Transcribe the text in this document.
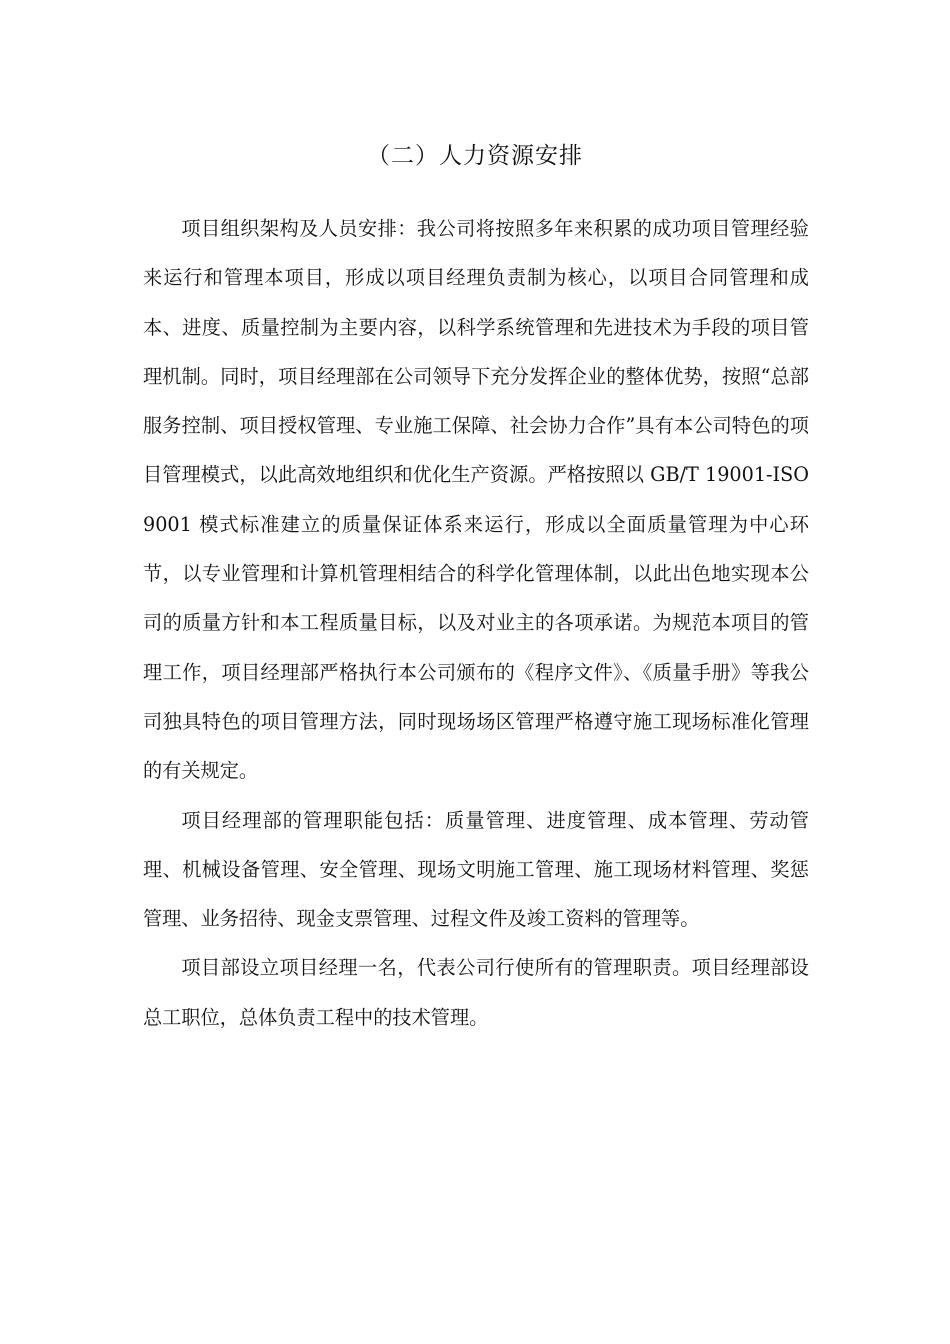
（二）人力资源安排

项目组织架构及人员安排：我公司将按照多年来积累的成功项目管理经验来运行和管理本项目，形成以项目经理负责制为核心，以项目合同管理和成本、进度、质量控制为主要内容，以科学系统管理和先进技术为手段的项目管理机制。同时，项目经理部在公司领导下充分发挥企业的整体优势，按照“总部服务控制、项目授权管理、专业施工保障、社会协力合作”具有本公司特色的项目管理模式，以此高效地组织和优化生产资源。严格按照以 GB/T 19001-ISO9001 模式标准建立的质量保证体系来运行，形成以全面质量管理为中心环节，以专业管理和计算机管理相结合的科学化管理体制，以此出色地实现本公司的质量方针和本工程质量目标，以及对业主的各项承诺。为规范本项目的管理工作，项目经理部严格执行本公司颁布的《程序文件》、《质量手册》等我公司独具特色的项目管理方法，同时现场场区管理严格遵守施工现场标准化管理的有关规定。

项目经理部的管理职能包括：质量管理、进度管理、成本管理、劳动管理、机械设备管理、安全管理、现场文明施工管理、施工现场材料管理、奖惩管理、业务招待、现金支票管理、过程文件及竣工资料的管理等。

项目部设立项目经理一名，代表公司行使所有的管理职责。项目经理部设总工职位，总体负责工程中的技术管理。
